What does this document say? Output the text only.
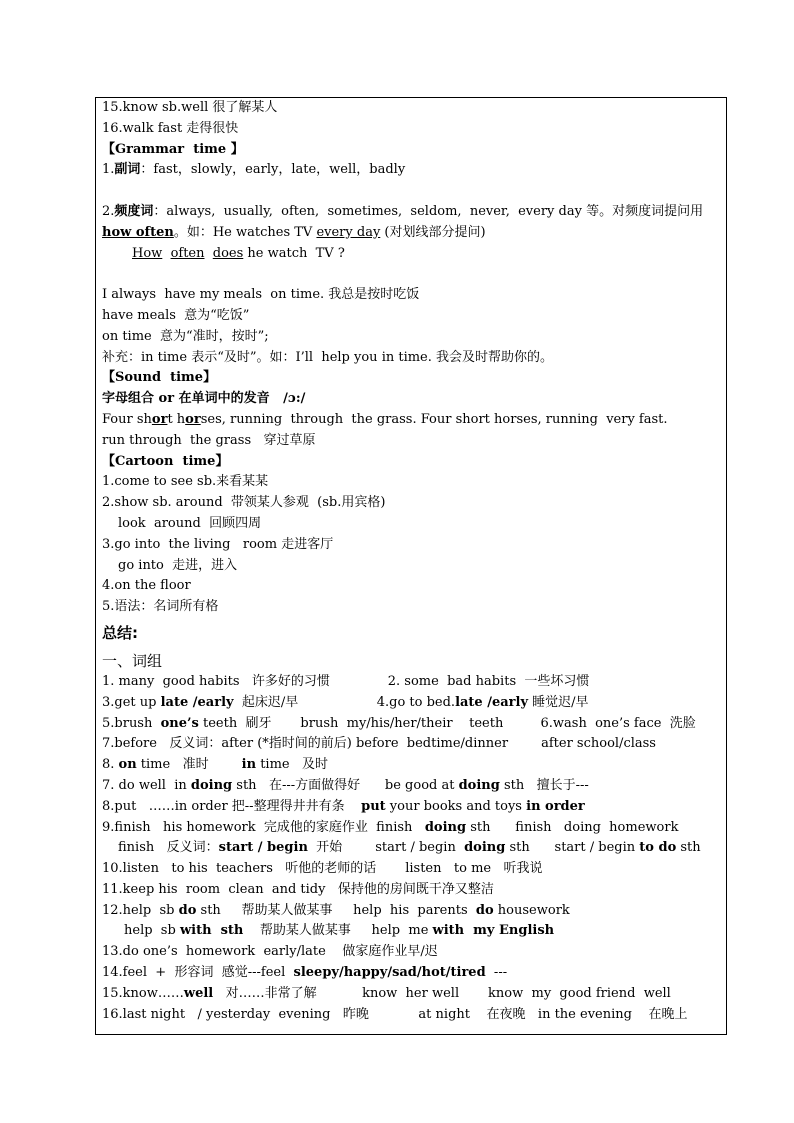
15.know sb.well 很了解某人
16.walk fast 走得很快
【Grammar  time 】
1.副词：fast，slowly，early，late，well，badly
2.频度词：always,  usually,  often,  sometimes,  seldom,  never,  every day 等。对频度词提问用
how often。如：He watches TV every day (对划线部分提问)
How often does he watch  TV ?
I always  have my meals  on time. 我总是按时吃饭
have meals  意为“吃饭”
on time  意为“准时，按时”;
补充：in time 表示“及时”。如：I’ll  help you in time. 我会及时帮助你的。
【Sound  time】
字母组合 or 在单词中的发音   /ɔ:/
Four short horses, running  through  the grass. Four short horses, running  very fast.
run through  the grass   穿过草原
【Cartoon  time】
1.come to see sb.来看某某
2.show sb. around  带领某人参观  (sb.用宾格)
look  around  回顾四周
3.go into  the living   room 走进客厅
go into  走进，进入
4.on the floor
5.语法：名词所有格
总结:
一、词组
1. many  good habits   许多好的习惯              2. some  bad habits  一些坏习惯
3.get up late /early  起床迟/早                   4.go to bed.late /early 睡觉迟/早
5.brush  one’s teeth  刷牙       brush  my/his/her/their    teeth         6.wash  one’s face  洗脸
7.before   反义词：after (*指时间的前后) before  bedtime/dinner        after school/class
8. on time   准时        in time   及时
7. do well  in doing sth   在---方面做得好      be good at doing sth   擅长于---
8.put   ……in order 把--整理得井井有条    put your books and toys in order
9.finish   his homework  完成他的家庭作业  finish   doing sth      finish   doing  homework
finish   反义词：start / begin  开始        start / begin  doing sth      start / begin to do sth
10.listen   to his  teachers   听他的老师的话       listen   to me   听我说
11.keep his  room  clean  and tidy   保持他的房间既干净又整洁
12.help  sb do sth     帮助某人做某事     help  his  parents  do housework
help  sb with  sth    帮助某人做某事     help  me with  my English
13.do one’s  homework  early/late    做家庭作业早/迟
14.feel  +  形容词  感觉---feel  sleepy/happy/sad/hot/tired  ---
15.know……well   对……非常了解           know  her well       know  my  good friend  well
16.last night   / yesterday  evening   昨晚            at night    在夜晚   in the evening    在晚上
